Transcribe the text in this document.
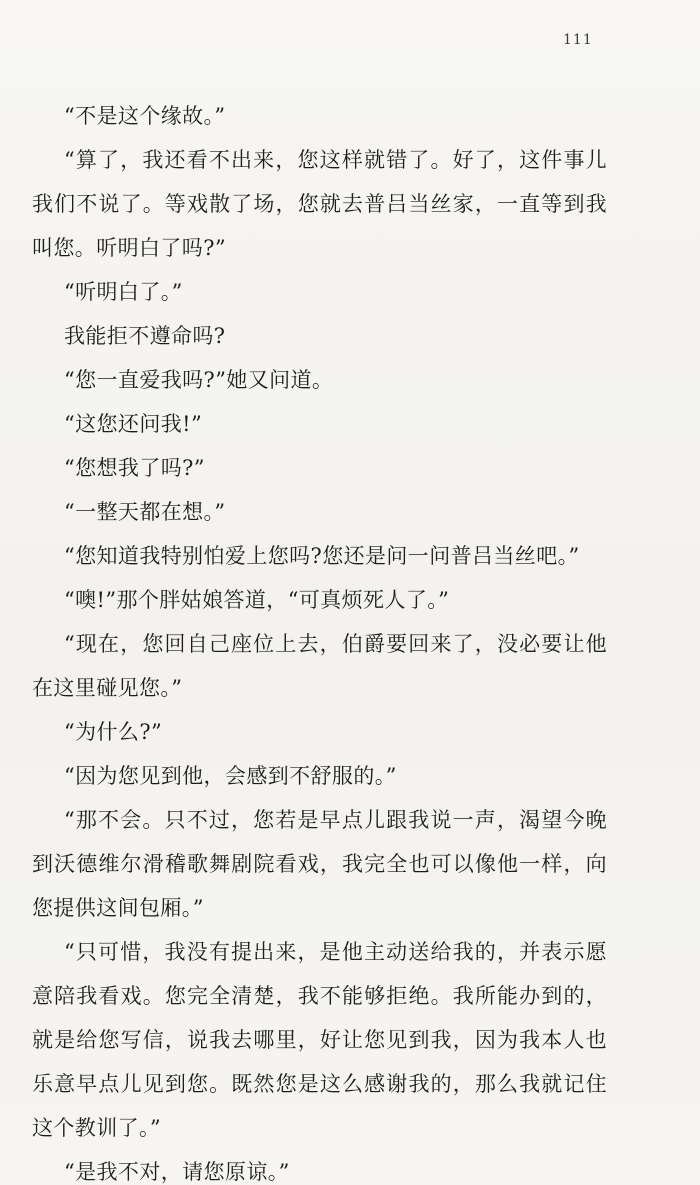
111

“不是这个缘故。”

“算了，我还看不出来，您这样就错了。好了，这件事儿我们不说了。等戏散了场，您就去普吕当丝家，一直等到我叫您。听明白了吗?”

“听明白了。”

我能拒不遵命吗?

“您一直爱我吗?”她又问道。

“这您还问我!”

“您想我了吗?”

“一整天都在想。”

“您知道我特别怕爱上您吗?您还是问一问普吕当丝吧。”

“噢!”那个胖姑娘答道，“可真烦死人了。”

“现在，您回自己座位上去，伯爵要回来了，没必要让他在这里碰见您。”

“为什么?”

“因为您见到他，会感到不舒服的。”

“那不会。只不过，您若是早点儿跟我说一声，渴望今晚到沃德维尔滑稽歌舞剧院看戏，我完全也可以像他一样，向您提供这间包厢。”

“只可惜，我没有提出来，是他主动送给我的，并表示愿意陪我看戏。您完全清楚，我不能够拒绝。我所能办到的，就是给您写信，说我去哪里，好让您见到我，因为我本人也乐意早点儿见到您。既然您是这么感谢我的，那么我就记住这个教训了。”

“是我不对，请您原谅。”
